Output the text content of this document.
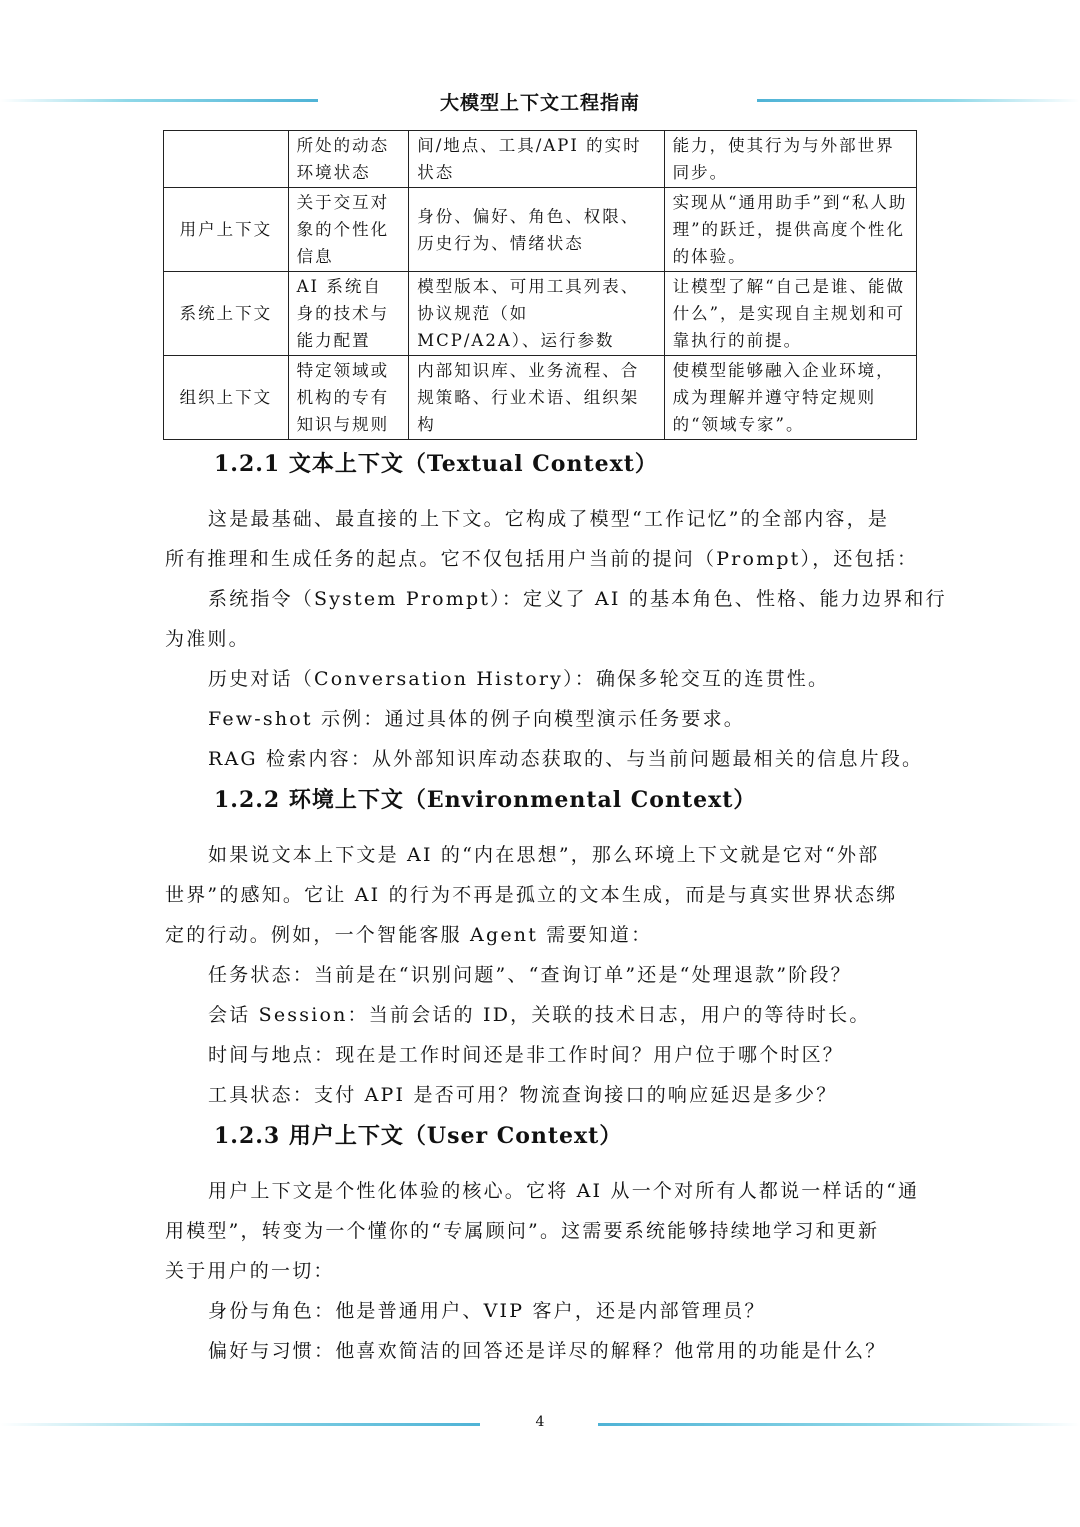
大模型上下文工程指南
	所处的动态环境状态	间/地点、工具/API 的实时状态	能力，使其行为与外部世界同步。
用户上下文	关于交互对象的个性化信息	身份、偏好、角色、权限、历史行为、情绪状态	实现从“通用助手”到“私人助理”的跃迁，提供高度个性化的体验。
系统上下文	AI 系统自身的技术与能力配置	模型版本、可用工具列表、协议规范（如 MCP/A2A）、运行参数	让模型了解“自己是谁、能做什么”，是实现自主规划和可靠执行的前提。
组织上下文	特定领域或机构的专有知识与规则	内部知识库、业务流程、合规策略、行业术语、组织架构	使模型能够融入企业环境，成为理解并遵守特定规则的“领域专家”。
1.2.1 文本上下文（Textual Context）
这是最基础、最直接的上下文。它构成了模型“工作记忆”的全部内容，是
所有推理和生成任务的起点。它不仅包括用户当前的提问（Prompt），还包括：
系统指令（System Prompt）：定义了 AI 的基本角色、性格、能力边界和行
为准则。
历史对话（Conversation History）：确保多轮交互的连贯性。
Few-shot 示例：通过具体的例子向模型演示任务要求。
RAG 检索内容：从外部知识库动态获取的、与当前问题最相关的信息片段。
1.2.2 环境上下文（Environmental Context）
如果说文本上下文是 AI 的“内在思想”，那么环境上下文就是它对“外部
世界”的感知。它让 AI 的行为不再是孤立的文本生成，而是与真实世界状态绑
定的行动。例如，一个智能客服 Agent 需要知道：
任务状态：当前是在“识别问题”、“查询订单”还是“处理退款”阶段？
会话 Session：当前会话的 ID，关联的技术日志，用户的等待时长。
时间与地点：现在是工作时间还是非工作时间？用户位于哪个时区？
工具状态：支付 API 是否可用？物流查询接口的响应延迟是多少？
1.2.3 用户上下文（User Context）
用户上下文是个性化体验的核心。它将 AI 从一个对所有人都说一样话的“通
用模型”，转变为一个懂你的“专属顾问”。这需要系统能够持续地学习和更新
关于用户的一切：
身份与角色：他是普通用户、VIP 客户，还是内部管理员？
偏好与习惯：他喜欢简洁的回答还是详尽的解释？他常用的功能是什么？
4
